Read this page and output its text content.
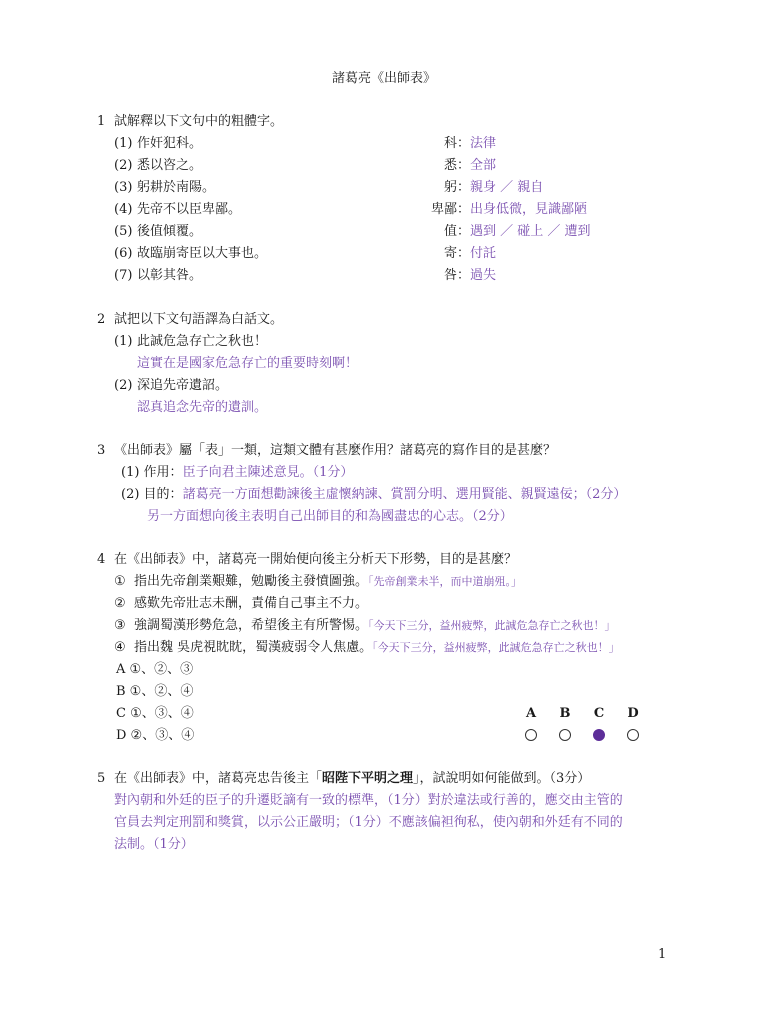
諸葛亮《出師表》
1 試解釋以下文句中的粗體字。
(1) 作奸犯科。	科： 法律
(2) 悉以咨之。	悉： 全部
(3) 躬耕於南陽。	躬： 親身 ／ 親自
(4) 先帝不以臣卑鄙。	卑鄙： 出身低微，見識鄙陋
(5) 後值傾覆。	值： 遇到 ／ 碰上 ／ 遭到
(6) 故臨崩寄臣以大事也。	寄： 付託
(7) 以彰其咎。	咎： 過失
2 試把以下文句語譯為白話文。
(1) 此誠危急存亡之秋也！
這實在是國家危急存亡的重要時刻啊！
(2) 深追先帝遺詔。
認真追念先帝的遺訓。
3 《出師表》屬「表」一類，這類文體有甚麼作用？諸葛亮的寫作目的是甚麼？
(1) 作用：臣子向君主陳述意見。（1分）
(2) 目的：諸葛亮一方面想勸諫後主虛懷納諫、賞罰分明、選用賢能、親賢遠佞；（2分）
另一方面想向後主表明自己出師目的和為國盡忠的心志。（2分）
4 在《出師表》中，諸葛亮一開始便向後主分析天下形勢，目的是甚麼？
① 指出先帝創業艱難，勉勵後主發憤圖強。「先帝創業未半，而中道崩殂。」
② 感歎先帝壯志未酬，責備自己事主不力。
③ 強調蜀漢形勢危急，希望後主有所警惕。「今天下三分，益州疲弊，此誠危急存亡之秋也！」
④ 指出魏 吳虎視眈眈，蜀漢疲弱令人焦慮。「今天下三分，益州疲弊，此誠危急存亡之秋也！」
A ①、②、③
B ①、②、④
C ①、③、④
D ②、③、④
A	B	C	D
5 在《出師表》中，諸葛亮忠告後主「昭陛下平明之理」，試說明如何能做到。（3分）
對內朝和外廷的臣子的升遷貶謫有一致的標準，（1分）對於違法或行善的，應交由主管的
官員去判定刑罰和獎賞，以示公正嚴明；（1分）不應該偏袒徇私，使內朝和外廷有不同的
法制。（1分）
1
